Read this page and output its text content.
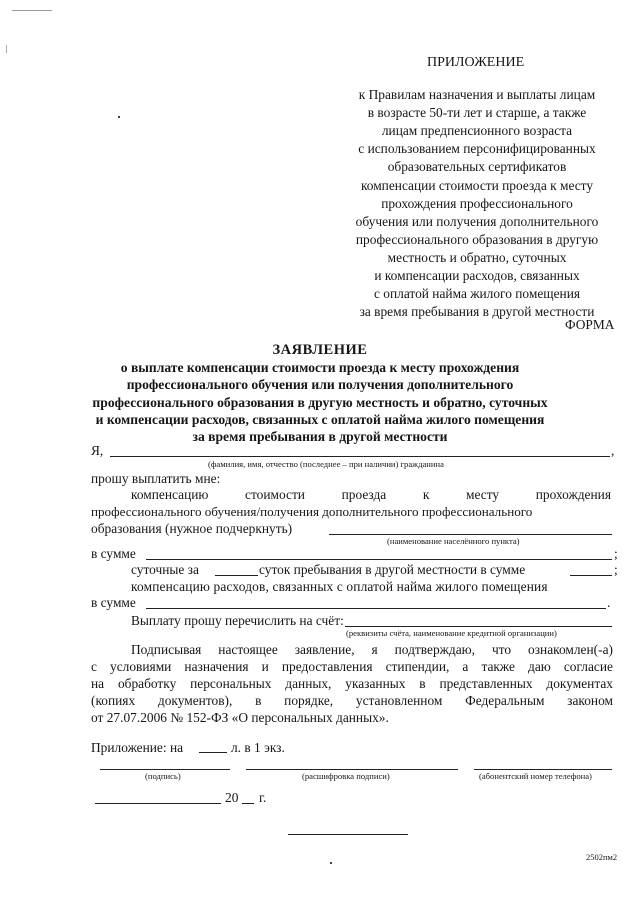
ПРИЛОЖЕНИЕ
к Правилам назначения и выплаты лицам
в возрасте 50-ти лет и старше, а также
лицам предпенсионного возраста
с использованием персонифицированных
образовательных сертификатов
компенсации стоимости проезда к месту
прохождения профессионального
обучения или получения дополнительного
профессионального образования в другую
местность и обратно, суточных
и компенсации расходов, связанных
с оплатой найма жилого помещения
за время пребывания в другой местности
ФОРМА
ЗАЯВЛЕНИЕ
о выплате компенсации стоимости проезда к месту прохождения
профессионального обучения или получения дополнительного
профессионального образования в другую местность и обратно, суточных
и компенсации расходов, связанных с оплатой найма жилого помещения
за время пребывания в другой местности
Я,	,
(фамилия, имя, отчество (последнее – при наличии) гражданина
прошу выплатить мне:
компенсацию	стоимости	проезда	к	месту	прохождения
профессионального обучения/получения дополнительного профессионального
образования (нужное подчеркнуть)
(наименование населённого пункта)
в сумме	;
суточные за	суток пребывания в другой местности в сумме	;
компенсацию расходов, связанных с оплатой найма жилого помещения
в сумме	.
Выплату прошу перечислить на счёт:
(реквизиты счёта, наименование кредитной организации)
Подписывая настоящее заявление, я подтверждаю, что ознакомлен(-а)
с условиями назначения и предоставления стипендии, а также даю согласие
на обработку персональных данных, указанных в представленных документах
(копиях документов), в порядке, установленном Федеральным законом
от 27.07.2006 № 152-ФЗ «О персональных данных».
Приложение: на	л. в 1 экз.
(подпись)	(расшифровка подписи)	(абонентский номер телефона)
20 г.
2502пм2
